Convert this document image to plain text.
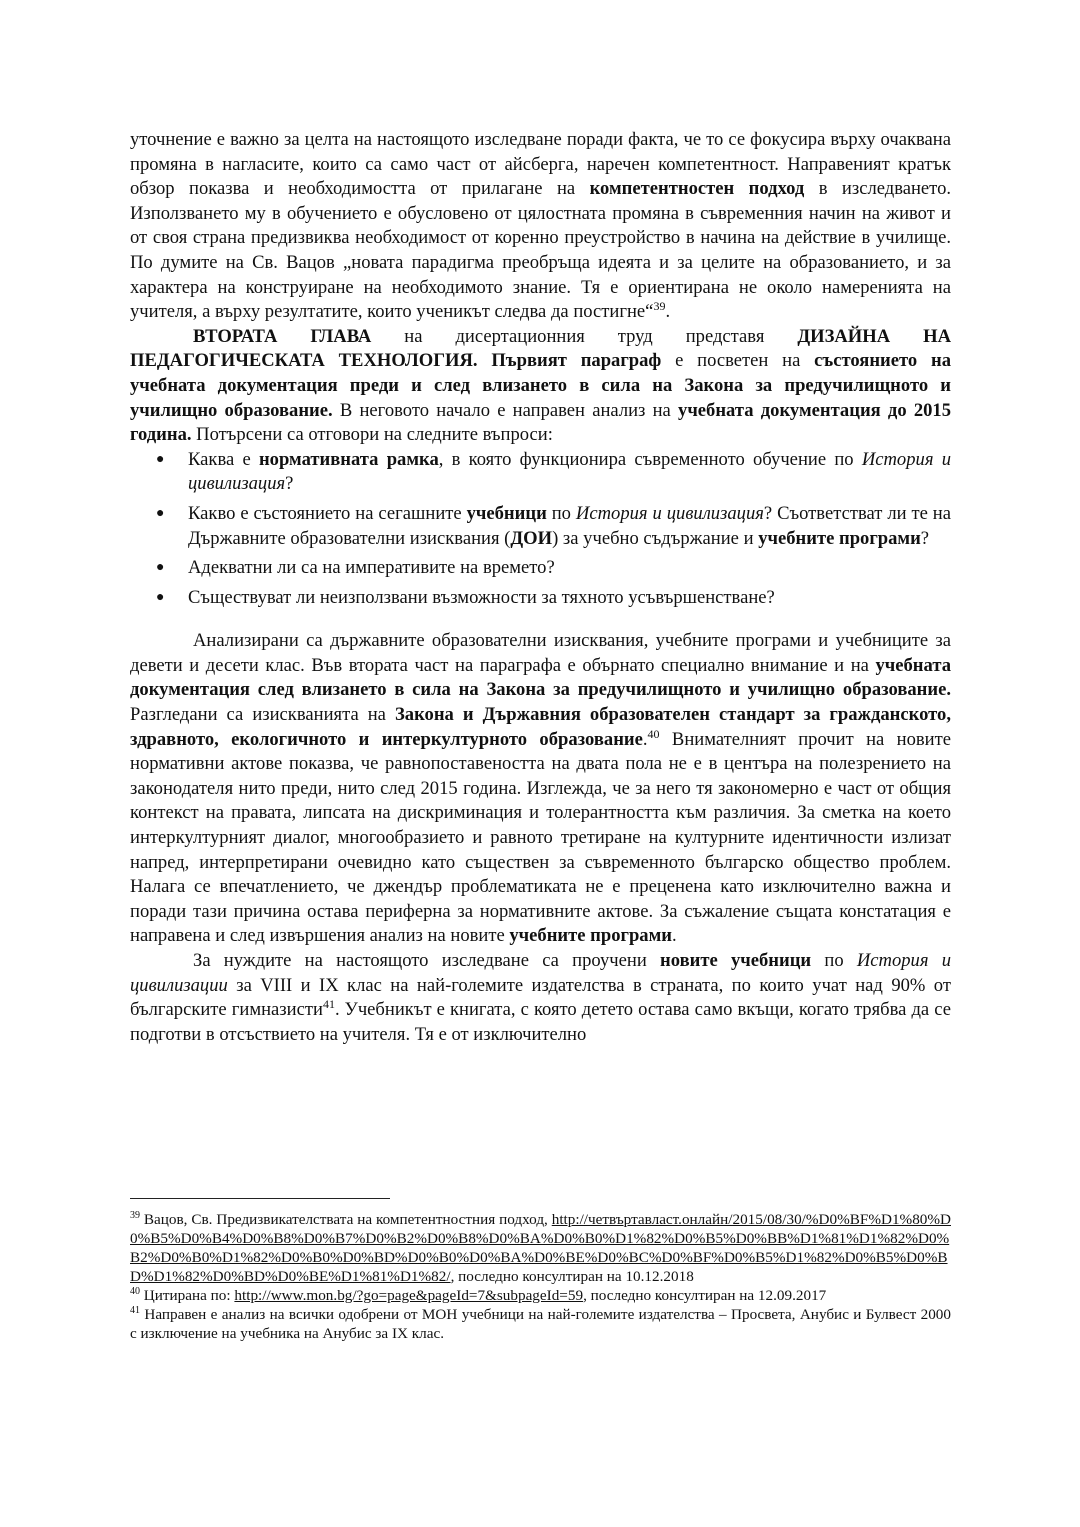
уточнение е важно за целта на настоящото изследване поради факта, че то се фокусира върху очаквана промяна в нагласите, които са само част от айсберга, наречен компетентност. Направеният кратък обзор показва и необходимостта от прилагане на компетентностен подход в изследването. Използването му в обучението е обусловено от цялостната промяна в съвременния начин на живот и от своя страна предизвиква необходимост от коренно преустройство в начина на действие в училище. По думите на Св. Вацов „новата парадигма преобръща идеята и за целите на образованието, и за характера на конструиране на необходимото знание. Тя е ориентирана не около намеренията на учителя, а върху резултатите, които ученикът следва да постигне“$^{39}$.

ВТОРАТА ГЛАВА на дисертационния труд представя ДИЗАЙНА НА ПЕДАГОГИЧЕСКАТА ТЕХНОЛОГИЯ. Първият параграф е посветен на състоянието на учебната документация преди и след влизането в сила на Закона за предучилищното и училищно образование. В неговото начало е направен анализ на учебната документация до 2015 година. Потърсени са отговори на следните въпроси:

● Каква е нормативната рамка, в която функционира съвременното обучение по История и цивилизация?
● Какво е състоянието на сегашните учебници по История и цивилизация? Съответстват ли те на Държавните образователни изисквания (ДОИ) за учебно съдържание и учебните програми?
● Адекватни ли са на императивите на времето?
● Съществуват ли неизползвани възможности за тяхното усъвършенстване?

Анализирани са държавните образователни изисквания, учебните програми и учебниците за девети и десети клас. Във втората част на параграфа е обърнато специално внимание и на учебната документация след влизането в сила на Закона за предучилищното и училищно образование. Разгледани са изискванията на Закона и Държавния образователен стандарт за гражданското, здравното, екологичното и интеркултурното образование.$^{40}$ Внимателният прочит на новите нормативни актове показва, че равнопоставеността на двата пола не е в центъра на полезрението на законодателя нито преди, нито след 2015 година. Изглежда, че за него тя закономерно е част от общия контекст на правата, липсата на дискриминация и толерантността към различия. За сметка на което интеркултурният диалог, многообразието и равното третиране на културните идентичности излизат напред, интерпретирани очевидно като съществен за съвременното българско общество проблем. Налага се впечатлението, че джендър проблематиката не е преценена като изключително важна и поради тази причина остава периферна за нормативните актове. За съжаление същата констатация е направена и след извършения анализ на новите учебните програми.

За нуждите на настоящото изследване са проучени новите учебници по История и цивилизации за VIII и IX клас на най-големите издателства в страната, по които учат над 90% от българските гимназисти$^{41}$. Учебникът е книгата, с която детето остава само вкъщи, когато трябва да се подготви в отсъствието на учителя. Тя е от изключително

$^{39}$ Вацов, Св. Предизвикателствата на компетентностния подход, http://четвъртавласт.онлайн/2015/08/30/%D0%BF%D1%80%D0%B5%D0%B4%D0%B8%D0%B7%D0%B2%D0%B8%D0%BA%D0%B0%D1%82%D0%B5%D0%BB%D1%81%D1%82%D0%B2%D0%B0%D1%82%D0%B0%D0%BD%D0%B0%D0%BA%D0%BE%D0%BC%D0%BF%D0%B5%D1%82%D0%B5%D0%BD%D1%82%D0%BD%D0%BE%D1%81%D1%82/, последно консултиран на 10.12.2018

$^{40}$ Цитирана по: http://www.mon.bg/?go=page&pageId=7&subpageId=59, последно консултиран на 12.09.2017

$^{41}$ Направен е анализ на всички одобрени от МОН учебници на най-големите издателства – Просвета, Анубис и Булвест 2000 с изключение на учебника на Анубис за IX клас.
